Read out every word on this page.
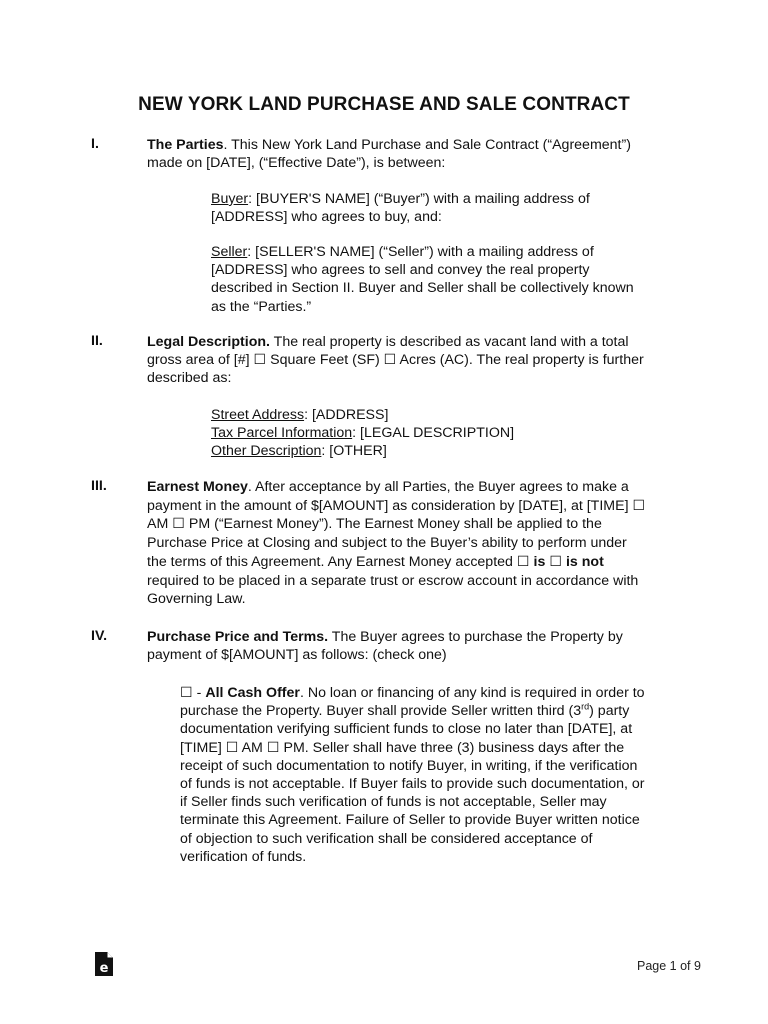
NEW YORK LAND PURCHASE AND SALE CONTRACT
I.	The Parties. This New York Land Purchase and Sale Contract (“Agreement”)
made on [DATE], (“Effective Date”), is between:
Buyer: [BUYER'S NAME] (“Buyer”) with a mailing address of
[ADDRESS] who agrees to buy, and:
Seller: [SELLER'S NAME] (“Seller”) with a mailing address of
[ADDRESS] who agrees to sell and convey the real property
described in Section II. Buyer and Seller shall be collectively known
as the “Parties.”
II.	Legal Description. The real property is described as vacant land with a total
gross area of [#] ☐ Square Feet (SF) ☐ Acres (AC). The real property is further
described as:
Street Address: [ADDRESS]
Tax Parcel Information: [LEGAL DESCRIPTION]
Other Description: [OTHER]
III.	Earnest Money. After acceptance by all Parties, the Buyer agrees to make a
payment in the amount of $[AMOUNT] as consideration by [DATE], at [TIME] ☐
AM ☐ PM (“Earnest Money”). The Earnest Money shall be applied to the
Purchase Price at Closing and subject to the Buyer’s ability to perform under
the terms of this Agreement. Any Earnest Money accepted ☐ is ☐ is not
required to be placed in a separate trust or escrow account in accordance with
Governing Law.
IV.	Purchase Price and Terms. The Buyer agrees to purchase the Property by
payment of $[AMOUNT] as follows: (check one)
☐ - All Cash Offer. No loan or financing of any kind is required in order to
purchase the Property. Buyer shall provide Seller written third (3rd) party
documentation verifying sufficient funds to close no later than [DATE], at
[TIME] ☐ AM ☐ PM. Seller shall have three (3) business days after the
receipt of such documentation to notify Buyer, in writing, if the verification
of funds is not acceptable. If Buyer fails to provide such documentation, or
if Seller finds such verification of funds is not acceptable, Seller may
terminate this Agreement. Failure of Seller to provide Buyer written notice
of objection to such verification shall be considered acceptance of
verification of funds.
e	Page 1 of 9
